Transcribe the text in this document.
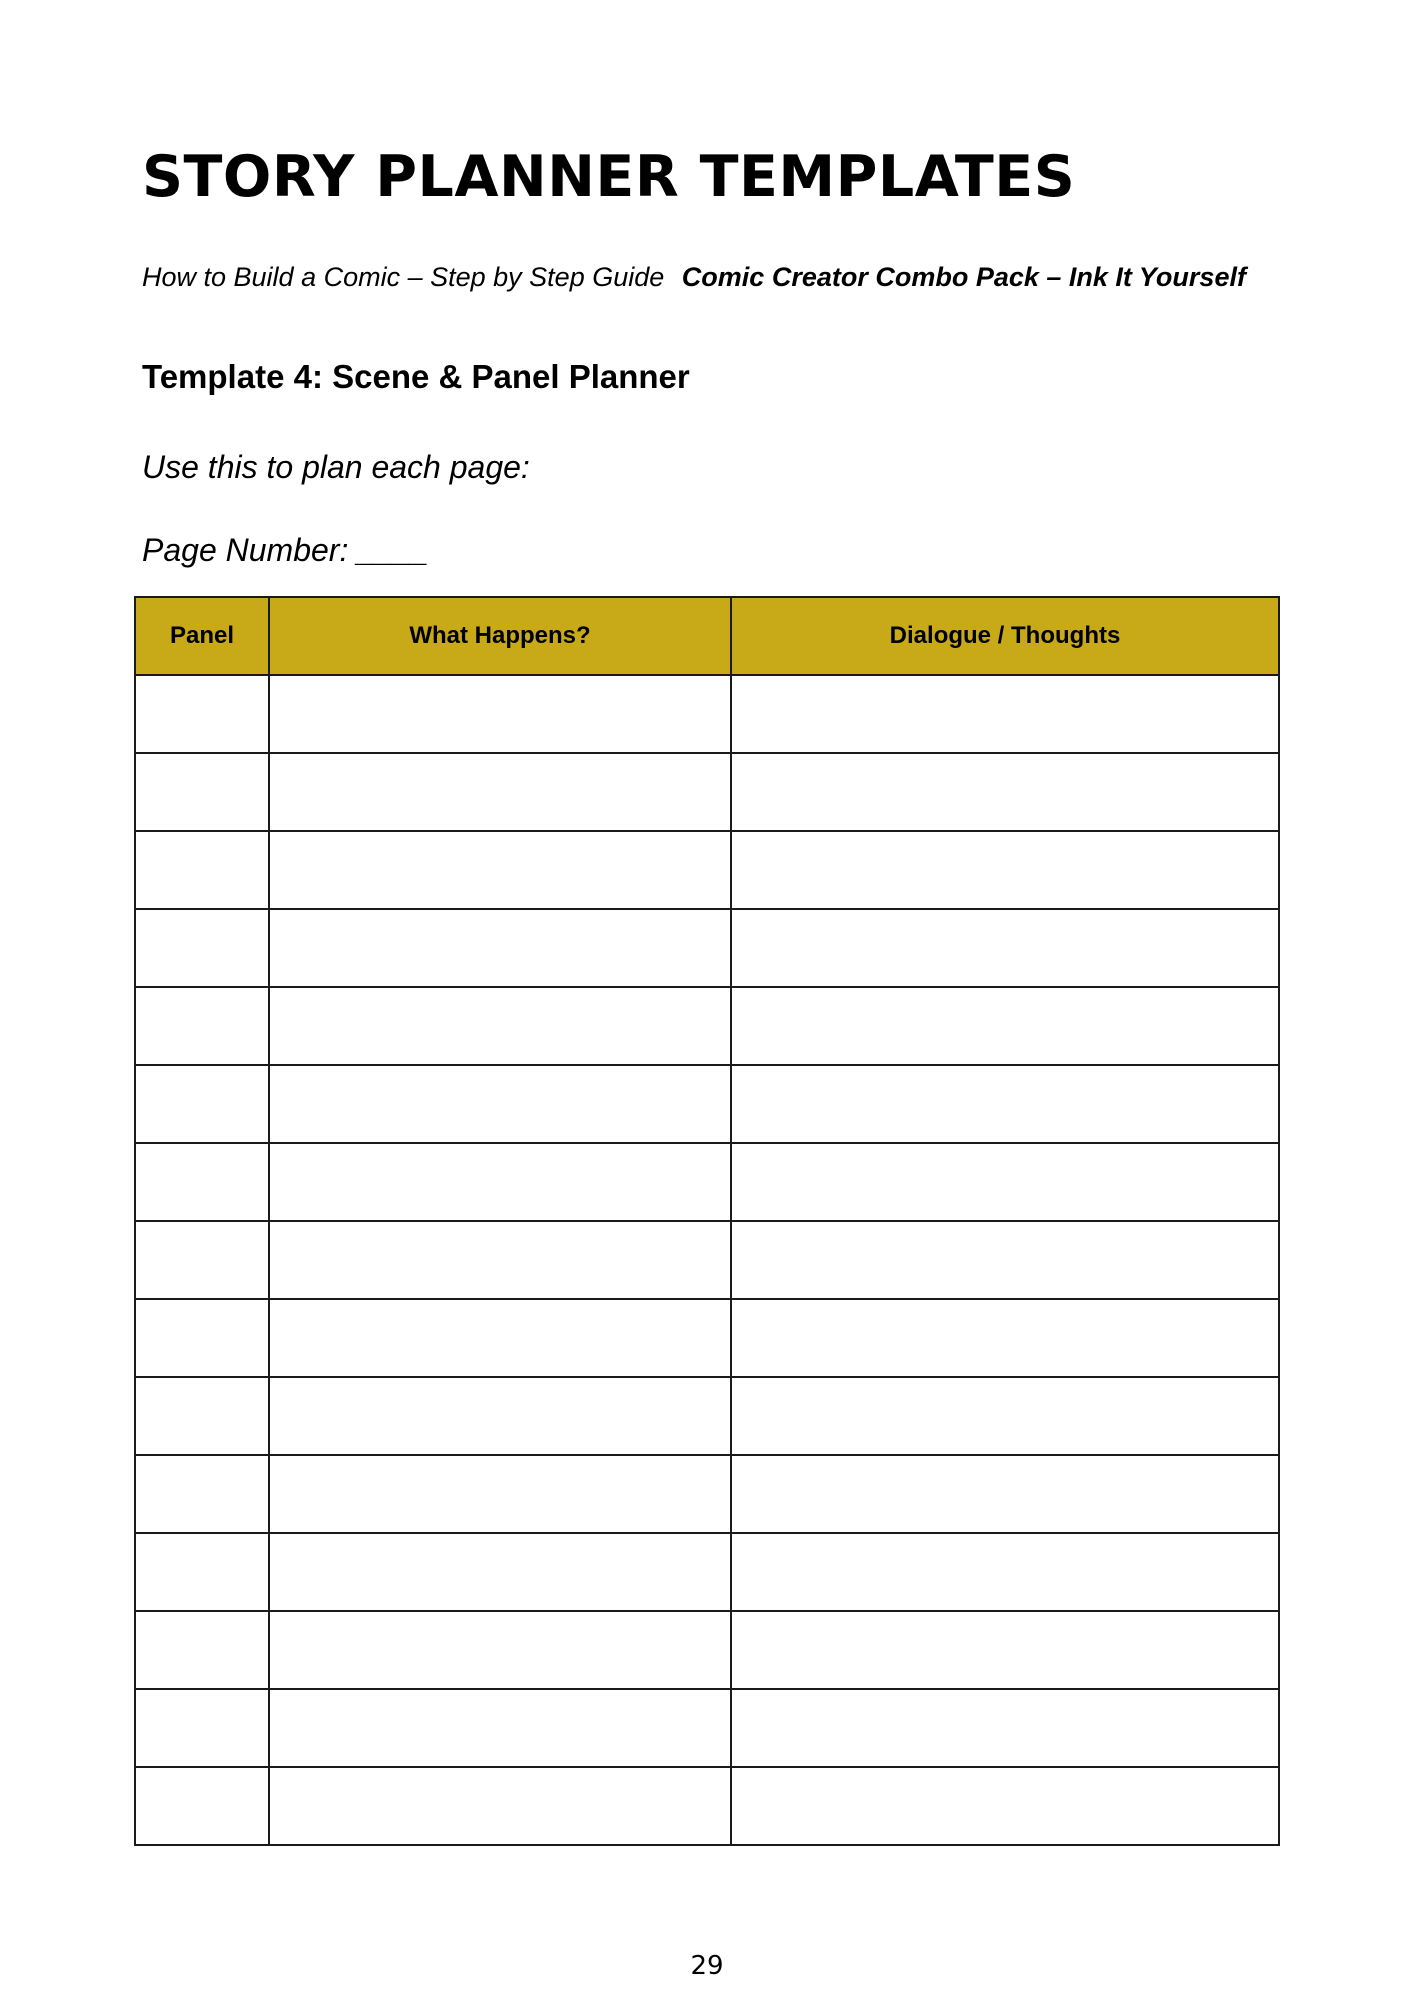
STORY PLANNER TEMPLATES
How to Build a Comic – Step by Step Guide Comic Creator Combo Pack – Ink It Yourself
Template 4: Scene & Panel Planner
Use this to plan each page:
Page Number: ____
Panel	What Happens?	Dialogue / Thoughts

29
